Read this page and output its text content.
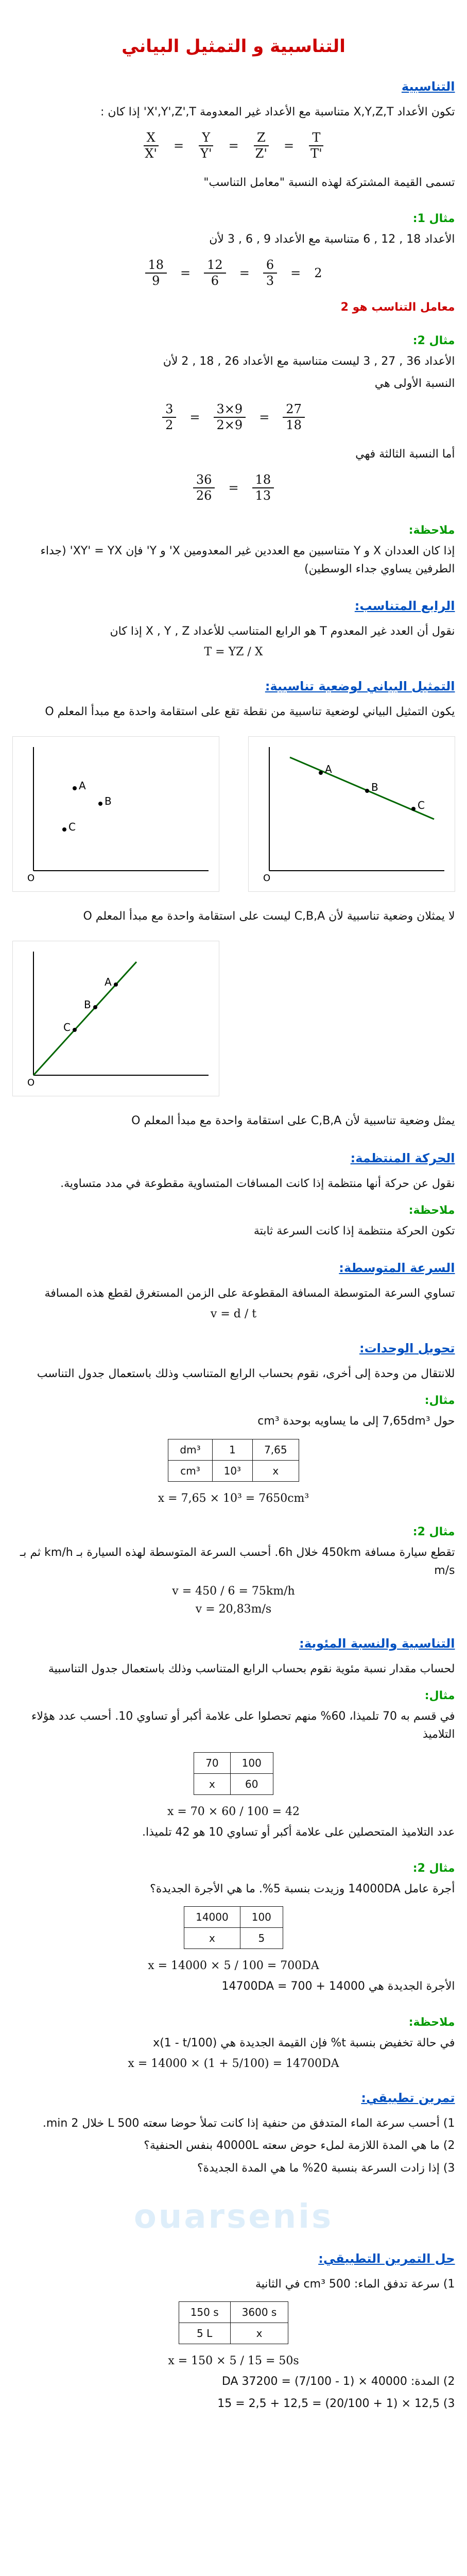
التناسبية و التمثيل البياني
التناسبية

تكون الأعداد X,Y,Z,T متناسبة مع الأعداد غير المعدومة X',Y',Z',T' إذا كان :

$\frac{X}{X'} = \frac{Y}{Y'} = \frac{Z}{Z'} = \frac{T}{T'}$

تسمى القيمة المشتركة لهذه النسبة "معامل التناسب"

مثال 1:

الأعداد 18 , 12 , 6 متناسبة مع الأعداد 9 , 6 , 3 لأن

$\frac{18}{9} = \frac{12}{6} = \frac{6}{3} = 2$
معامل التناسب هو 2
مثال 2:

الأعداد 36 , 27 , 3 ليست متناسبة مع الأعداد 26 , 18 , 2 لأن

النسبة الأولى هي

$\frac{3}{2} = \frac{3\times 9}{2\times 9} = \frac{27}{18}$

أما النسبة الثالثة فهي

$\frac{36}{26} = \frac{18}{13}$
ملاحظة:

إذا كان العددان X و Y متناسبين مع العددين غير المعدومين X' و Y' فإن XY' = YX' (جداء الطرفين يساوي جداء الوسطين)

الرابع المتناسب:

نقول أن العدد غير المعدوم T هو الرابع المتناسب للأعداد X , Y , Z إذا كان

T = YZ / X
التمثيل البياني لوضعية تناسبية:

يكون التمثيل البياني لوضعية تناسبية من نقطة تقع على استقامة واحدة مع مبدأ المعلم O

A
B
C
O
A
B
C
O

لا يمثلان وضعية تناسبية لأن C,B,A ليست على استقامة واحدة مع مبدأ المعلم O

C
B
A
O

يمثل وضعية تناسبية لأن C,B,A على استقامة واحدة مع مبدأ المعلم O

الحركة المنتظمة:

نقول عن حركة أنها منتظمة إذا كانت المسافات المتساوية مقطوعة في مدد متساوية.

ملاحظة:

تكون الحركة منتظمة إذا كانت السرعة ثابتة

السرعة المتوسطة:

تساوي السرعة المتوسطة المسافة المقطوعة على الزمن المستغرق لقطع هذه المسافة

v = d / t
تحويل الوحدات:

للانتقال من وحدة إلى أخرى، نقوم بحساب الرابع المتناسب وذلك باستعمال جدول التناسب

مثال:

حول 7,65dm³ إلى ما يساويه بوحدة cm³

dm³	1	7,65
cm³	10³	x
x = 7,65 × 10³ = 7650cm³
مثال 2:

تقطع سيارة مسافة 450km خلال 6h. أحسب السرعة المتوسطة لهذه السيارة بـ km/h ثم بـ m/s

v = 450 / 6 = 75km/h
v = 20,83m/s
التناسبية والنسبة المئوية:

لحساب مقدار نسبة مئوية نقوم بحساب الرابع المتناسب وذلك باستعمال جدول التناسبية

مثال:

في قسم به 70 تلميذا، 60% منهم تحصلوا على علامة أكبر أو تساوي 10. أحسب عدد هؤلاء التلاميذ

70	100
x	60
x = 70 × 60 / 100 = 42

عدد التلاميذ المتحصلين على علامة أكبر أو تساوي 10 هو 42 تلميذا.

مثال 2:

أجرة عامل 14000DA وزيدت بنسبة 5%. ما هي الأجرة الجديدة؟

14000	100
x	5
x = 14000 × 5 / 100 = 700DA

الأجرة الجديدة هي 14000 + 700 = 14700DA

ملاحظة:

في حالة تخفيض بنسبة t% فإن القيمة الجديدة هي x(1 - t/100)

x = 14000 × (1 + 5/100) = 14700DA
تمرين تطبيقي:

1) أحسب سرعة الماء المتدفق من حنفية إذا كانت تملأ حوضا سعته 500 L خلال 2 min.

2) ما هي المدة اللازمة لملء حوض سعته 40000L بنفس الحنفية؟

3) إذا زادت السرعة بنسبة 20% ما هي المدة الجديدة؟

ouarsenis
حل التمرين التطبيقي:

1) سرعة تدفق الماء: 500 cm³ في الثانية

150 s	3600 s
5 L	x
x = 150 × 5 / 15 = 50s

2) المدة: 40000 × (1 - 7/100) = 37200 DA

3) 12,5 × (1 + 20/100) = 12,5 + 2,5 = 15
